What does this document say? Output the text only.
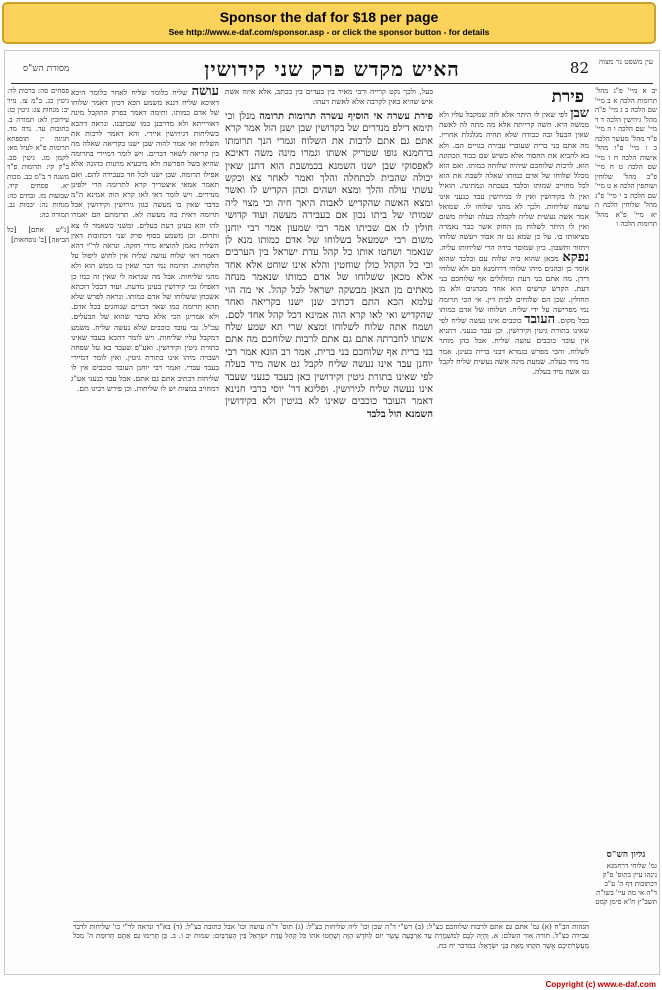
Sponsor the daf for $18 per page
See http://www.e-daf.com/sponsor.asp - or click the sponsor button - for details
מסורת הש"ס	האיש מקדש פרק שני קידושין	82	עין משפט נר מצוה

יב א מיי' פ"ג מהל' תרומות הלכה א ב מיי' שם הלכה ב ג מיי' פ"ה מהל' גירושין הלכה ד ד מיי' שם הלכה ו ה מיי' פ"ד מהל' מעשר הלכה ב ו מיי' פ"ו מהל' אישות הלכה ח ז מיי' שם הלכה ט ח מיי' פ"ב מהל' שלוחין ושותפין הלכה א ט מיי' שם הלכה ב י מיי' פ"ג מהל' שלוחין הלכה ה יא מיי' פ"א מהל' תרומות הלכה ו

פירת

שבן לפי שאין לו היתר אלא לזה שמקבל עליו ולא ממשה היא. חשה קרייתה אלא מה מתה לה לאשה שאין הבעל ובה כבודה שלא תהיה מגלגלת אחריו. מה אתם בני ברית שעוברי עבירה בגויים הם. ולא בא להביא את החסור אלא כשיש שם כבוד הכהונה הוא. לרבות שלוחכם שיהיה שלוחה כמותו. ואם הוא מכלל שלוחו של אדם כמותו שאלה לשבת את הוא לכל מחוייב שמותו ובלבד בעכתה ונמתינה. הואיל ואין לו בקידושין ואין לו בגירושין עבד כנעני אינו עושה שליחות. ולכך לא מהני שלוחו לו. שמואל אמר אשה נעשית שליח לקבלה בעלה ועליה משום ואין לו היתר לשלוח מן החוק אשר כבר נאמרה מציאותו בו. על כן שמא גט זה אבוד ויעשה שלוחו ויחזור וחשבון. כיון שמוסר בידה הרי שליחותו עליה. נפקא מכאן שהוא ביה שלוח עם ובלבד שהוא אומר כן וכהנים מיהו שלוחי דרחמנא הם ולא שלוחי דידן. מה אתם בני דעת ומזלזלים אף שלוחכם בני דעת. הקדש קדשים הוא אחד מכהנים ולא מן החולין. שכן הם שלוחים לבית דין. אי הכי תרומה נמי מפרישה על ידי שליח. ושלוחו של אדם כמותו בכל מקום. העובד כוכבים אינו נעשה שליח לפי שאינו בתורת גיטין וקידושין. וכן עבד כנעני. דתניא אין עובד כוכבים עושה שליח. אבל כהן מותר לשלוח. והכי מפרש בגמרא דבני ברית בעינן. אמר מר מיד בעלה. שמעת מינה אשה נעשית שליח לקבל גט אשה מיד בעלה.

בעל, ולכך נקט קרייה ורבי מאיר בין בעדים בין בכתב, אלא איזה אשת איש שהיא באין לקרבה אלא לאשת רעהו:

פירת עשרה אי הוסיף עשרה תרומות תרומה מנלן וכי תימא דילפ מנדרים של בקדושין שבן ישנן הול אמר קרא אתם גם אתם לרבות את השלוח וגמרי הנך תרומתו ברחמנא גופו שטריק אשתו וגמרו מינה משה דאיכא לאפסוקי שבן ישנו השמנא בכמשבת הוא דתנן שאין יכולה שהבית לכתחלה והלך ואמר לאחר צא וכקש עשתי עולה והלך ומצא ושהים וכהן הקדיש לו ואשר ומצא האשה שהקדיש לאבות היאך חיה וכי מצוי ליה שמותי של ביתו נכון אם בעבירה מעשה ועוד קדושי חולין לו אם שביתו אמר רבי שמעון אמר רבי יוחנן משום רבי ישמעאל בשלוחו של אדם כמותו מנא לן שנאמר ושחטו אותו כל קהל עדת ישראל בין הערבים וכי כל הקהל כולן שוחטין והלא אינו שוחט אלא אחד אלא מכאן ששלוחו של אדם כמותו שנאמר מנחה מאתים מן הצאן מבשקה ישראל לכל קהל. אי מה הוי עלמא הכא התם דכתיב שנן ישנו בקריאה ואחר שהקדיש ואי לאו קרא הוה אמינא דכל קהל אחד לסם. ושמח אתה שלוח לשלוחו ומצא שרי תא שמע שלח אשתו לחברתה אתם גם אתם לרבות שלוחכם מה אתם בני ברית אף שלוחכם בני ברית. אמר רב הונא אמר רבי יוחנן עבד אינו נעשה שליח לקבל גט אשה מיד בעלה לפי שאינו בתורת גיטין וקידושין כאן בעבד כנעני שעבד אינו נעשה שליח לגירושין. ופליגא דר' יוסי ברבי חנינא דאמר העובד כוכבים שאינו לא בגיטין ולא בקידושין השמנא הול בלבד

עושה שליח כלומר שליח לאחר כלומר היכא דאיכא שליח דגנא משמע הכא דכיון דאמר שלוחו של אדם כמותו. ותימה דאמר בפרק התקבל מינה דאורייתא ולא מדרבנן כמו שכתבנו. ונראה דהכא בשליחות דגירושין איירי. והא דאמר לרבות את השליח ואי אמר להוה שבן ישנו בקריאה שאלה מה בין קריאה לשאר דברים. ויש לומר דמיירי בתרומה שהיא בשל הפרשה ולא מיבעיא מתנות כהונה אלא אפילו תרומה. שבן ישנו לכל חד בעבירה להם. ואם תאמר אמאי איצטריך קרא לתרומה הרי ילפינן מנדרים. ויש לומר דאי לאו קרא הוה אמינא ה"מ בדבר שאין בו מעשה כגון גירושין וקידושין אבל תרומה דאית בה מעשה לא. תרומתם הם יאמרו להו והא בעינן דעת בעלים. ומשני כשאמר לו צא ותרום. וכן משמע בסוף פרק שני דכתובות דאין השליח נאמן להוציא מידי חזקה. ונראה לר"י דהא דאמר דאי שלוח עושה שליח אין לחוש ליפול על הלקוחות. תרומה נמי דבר שאין בו ממש הוא ולא מהני שליחות. אבל מה שנראה לי שאין זה כמו כן דאפילו גבי קידושין בעינן מדעת. ועוד דבכל דוכתא אשכחן ששלוחו של אדם כמותו. ונראה לפרש שלא תהא תרומה כמו שאר דברים שנוהגים בכל אדם. ולא אמרינן הכי אלא בדבר שהוא של הבעלים. עכ"ל. גבי עובד כוכבים שלא נעשה שליח. משמע דמקבל עליו שליחות. ויש לומר דהכא בעבד שאינו בתורת גיטין וקידושין. ואע"פ שעבד בא על שפחה ושבויה מיהו אינו בתורת גיטין. ואין לומר דמיירי בעבד עברי. ואמר רבי יוחנן העובד כוכבים אין לו שליחות דכתיב אתם גם אתם. אבל עבד כנעני אע"ג דמחויב במצות יש לו שליחות. וכן פירש רבינו תם.

פסחים סה: ברכות לד: גיטין כג. ב"מ צו. נזיר יב: מנחות צג: גיטין כג: עירובין לא: תמורה ב. כתובות עד. נדה מד. חגיגה י: תוספתא תרומות פ"א לעיל מא: לקמן מג. גיטין סב. ב"ק קי: תרומות פ"ד משנה ד ב"מ כב. מכות יא. פסחים קיד. שבועות מז. זבחים כה: מנחות נה: יבמות נב. תמורה כה:

[ג"ש אתם] [כל הביאה] [ב' נוסחאות]

גליון הש"ס
גמ' שלוחי דרחמנא נינהו עיין בתוס' פ"ק דכתובות דף ה' ע"ב ד"ה אי מה עיי' בשו"ת תשב"ץ ח"א סימן קמט
הגהות הב"ח (א) גמ' אתם גם אתם לרבות שלוחכם כצ"ל: (ב) רש"י ד"ה שכן וכו' ליה שליחות כצ"ל: (ג) תוס' ד"ה עושה וכו' אבל כתובה כצ"ל: (ד) בא"ד ונראה לר"י כו' שליחות לדבר עבירה כצ"ל. תורה אור השלם: א. וְהָיָה לָכֶם לְמִשְׁמֶרֶת עַד אַרְבָּעָה עָשָׂר יוֹם לַחֹדֶשׁ הַזֶּה וְשָׁחֲטוּ אֹתוֹ כֹּל קְהַל עֲדַת יִשְׂרָאֵל בֵּין הָעַרְבָּיִם: שמות יב ו. ב. כֵּן תָּרִימוּ גַם אַתֶּם תְּרוּמַת ה' מִכֹּל מַעְשְׂרֹתֵיכֶם אֲשֶׁר תִּקְחוּ מֵאֵת בְּנֵי יִשְׂרָאֵל: במדבר יח כח.
Copyright (c) www.e-daf.com
